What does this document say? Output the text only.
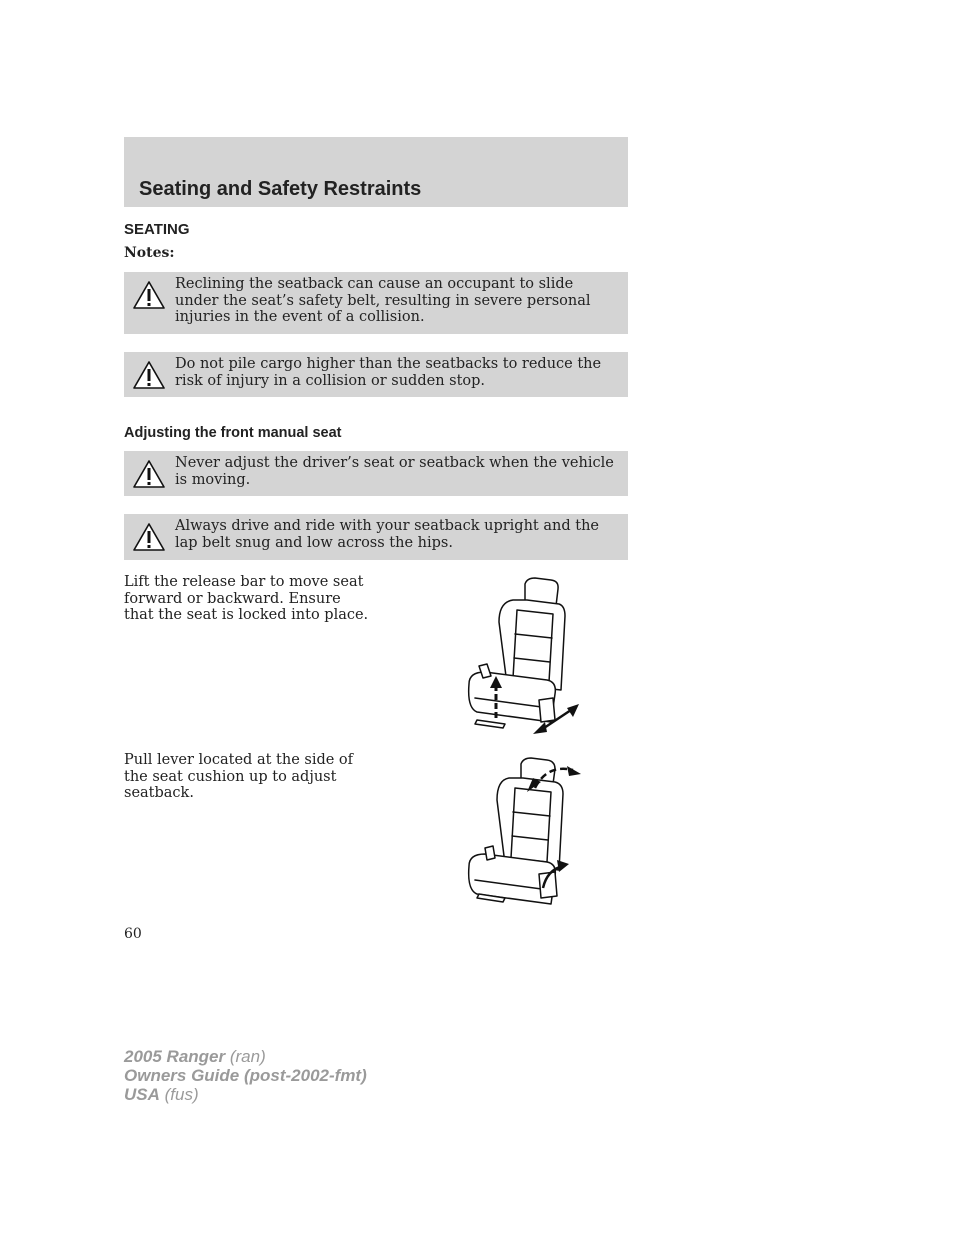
Seating and Safety Restraints
SEATING

Notes:

Reclining the seatback can cause an occupant to slide under the seat’s safety belt, resulting in severe personal injuries in the event of a collision.
Do not pile cargo higher than the seatbacks to reduce the risk of injury in a collision or sudden stop.
Adjusting the front manual seat
Never adjust the driver’s seat or seatback when the vehicle is moving.
Always drive and ride with your seatback upright and the lap belt snug and low across the hips.

Lift the release bar to move seat forward or backward. Ensure that the seat is locked into place.

Pull lever located at the side of the seat cushion up to adjust seatback.

60

2005 Ranger (ran)
Owners Guide (post-2002-fmt)
USA (fus)
